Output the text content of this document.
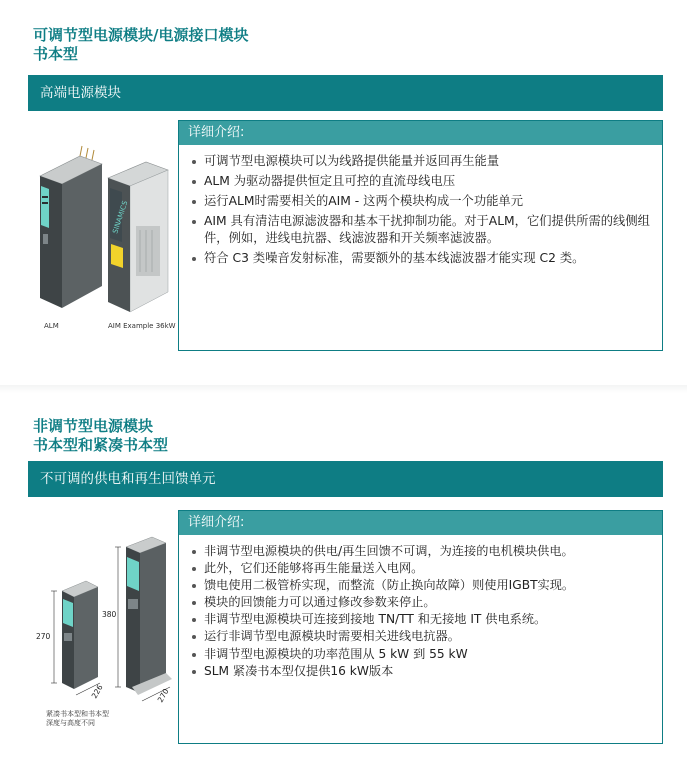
可调节型电源模块/电源接口模块
书本型
高端电源模块
SINAMICS
ALM	AIM Example 36kW
详细介绍:
可调节型电源模块可以为线路提供能量并返回再生能量
ALM 为驱动器提供恒定且可控的直流母线电压
运行ALM时需要相关的AIM - 这两个模块构成一个功能单元
AIM 具有清洁电源滤波器和基本干扰抑制功能。对于ALM，它们提供所需的线侧组件，例如，进线电抗器、线滤波器和开关频率滤波器。
符合 C3 类噪音发射标准，需要额外的基本线滤波器才能实现 C2 类。
非调节型电源模块
书本型和紧凑书本型
不可调的供电和再生回馈单元
270
380
226	270
紧凑书本型和书本型
深度与高度不同
详细介绍:
非调节型电源模块的供电/再生回馈不可调，为连接的电机模块供电。
此外，它们还能够将再生能量送入电网。
馈电使用二极管桥实现，而整流（防止换向故障）则使用IGBT实现。
模块的回馈能力可以通过修改参数来停止。
非调节型电源模块可连接到接地 TN/TT 和无接地 IT 供电系统。
运行非调节型电源模块时需要相关进线电抗器。
非调节型电源模块的功率范围从 5 kW 到 55 kW
SLM 紧凑书本型仅提供16 kW版本
